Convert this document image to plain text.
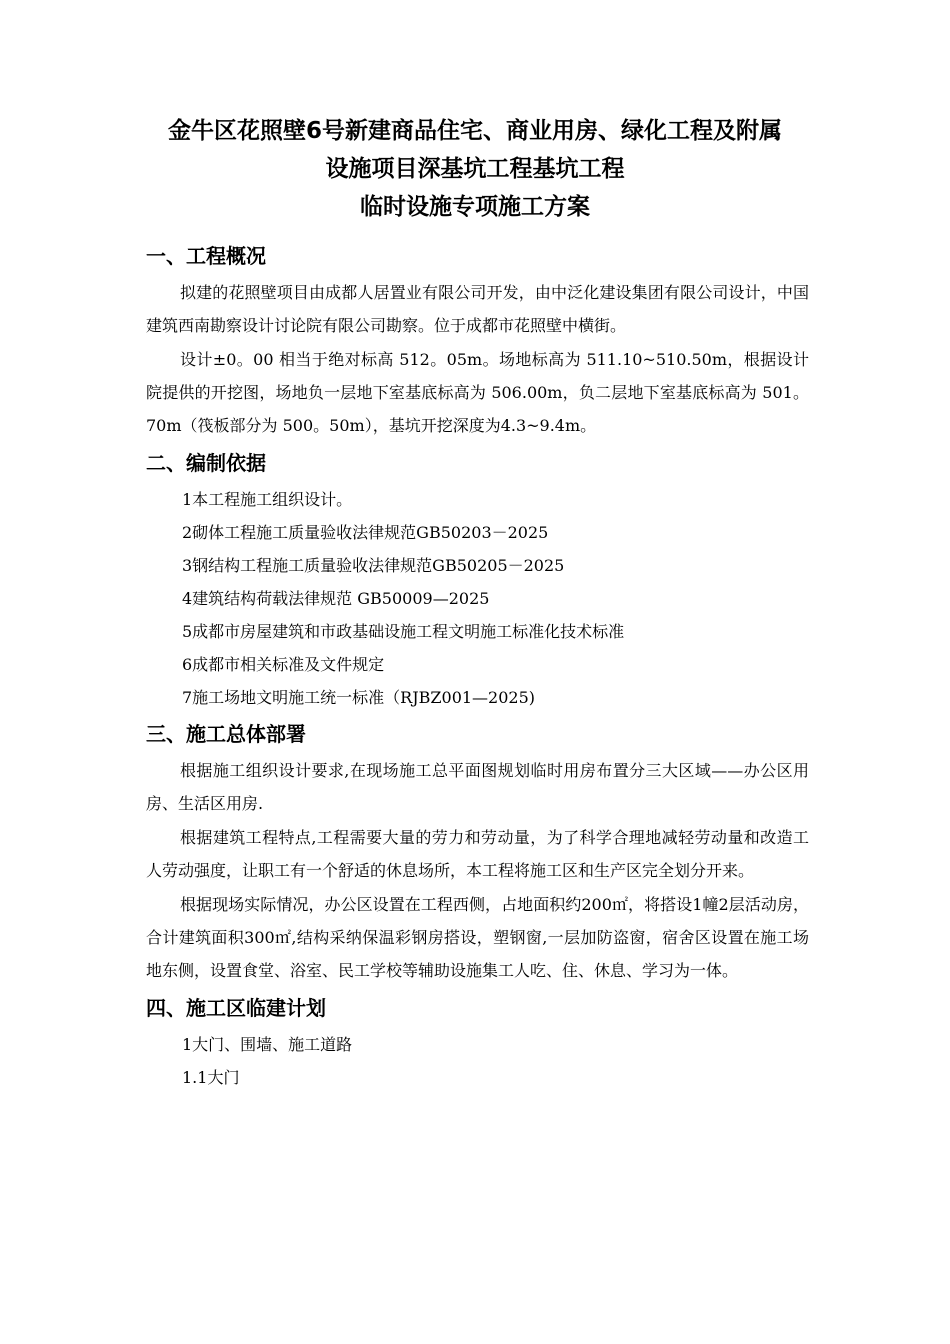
金牛区花照壁6号新建商品住宅、商业用房、绿化工程及附属
设施项目深基坑工程基坑工程
临时设施专项施工方案
一、工程概况

拟建的花照壁项目由成都人居置业有限公司开发，由中泛化建设集团有限公司设计，中国建筑西南勘察设计讨论院有限公司勘察。位于成都市花照壁中横街。

设计±0。00 相当于绝对标高 512。05m。场地标高为 511.10~510.50m，根据设计院提供的开挖图，场地负一层地下室基底标高为 506.00m，负二层地下室基底标高为 501。70m（筏板部分为 500。50m），基坑开挖深度为4.3~9.4m。

二、编制依据
1本工程施工组织设计。
2砌体工程施工质量验收法律规范GB50203－2025
3钢结构工程施工质量验收法律规范GB50205－2025
4建筑结构荷载法律规范 GB50009—2025
5成都市房屋建筑和市政基础设施工程文明施工标准化技术标准
6成都市相关标准及文件规定
7施工场地文明施工统一标准（RJBZ001—2025)
三、施工总体部署

根据施工组织设计要求,在现场施工总平面图规划临时用房布置分三大区域——办公区用房、生活区用房.

根据建筑工程特点,工程需要大量的劳力和劳动量，为了科学合理地减轻劳动量和改造工人劳动强度，让职工有一个舒适的休息场所，本工程将施工区和生产区完全划分开来。

根据现场实际情况，办公区设置在工程西侧，占地面积约200㎡，将搭设1幢2层活动房，合计建筑面积300㎡,结构采纳保温彩钢房搭设，塑钢窗,一层加防盗窗，宿舍区设置在施工场地东侧，设置食堂、浴室、民工学校等辅助设施集工人吃、住、休息、学习为一体。

四、施工区临建计划
1大门、围墙、施工道路
1.1大门
